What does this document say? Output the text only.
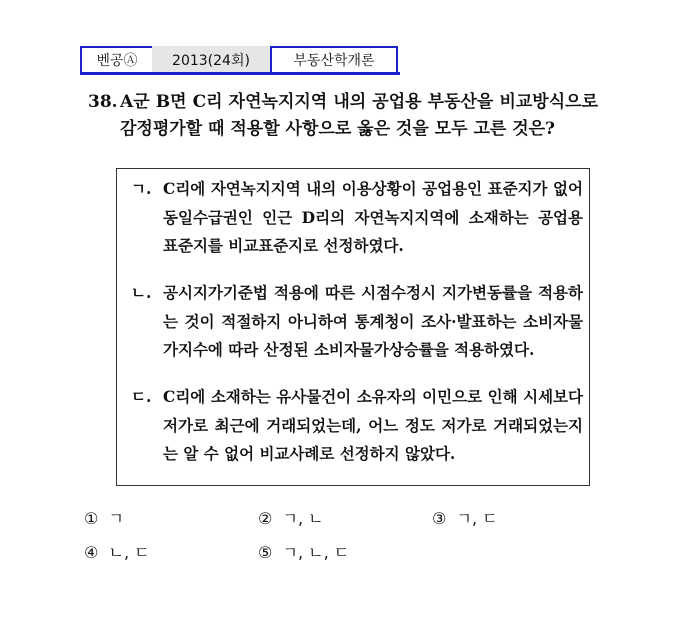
벤공Ⓐ 2013(24회)	부동산학개론
38. A군 B면 C리 자연녹지지역 내의 공업용 부동산을 비교방식으로 감정평가할 때 적용할 사항으로 옳은 것을 모두 고른 것은?
ㄱ. C리에 자연녹지지역 내의 이용상황이 공업용인 표준지가 없어 동일수급권인 인근 D리의 자연녹지지역에 소재하는 공업용 표준지를 비교표준지로 선정하였다.
ㄴ. 공시지가기준법 적용에 따른 시점수정시 지가변동률을 적용하는 것이 적절하지 아니하여 통계청이 조사·발표하는 소비자물가지수에 따라 산정된 소비자물가상승률을 적용하였다.
ㄷ. C리에 소재하는 유사물건이 소유자의 이민으로 인해 시세보다 저가로 최근에 거래되었는데, 어느 정도 저가로 거래되었는지는 알 수 없어 비교사례로 선정하지 않았다.
① ㄱ	② ㄱ, ㄴ	③ ㄱ, ㄷ
④ ㄴ, ㄷ	⑤ ㄱ, ㄴ, ㄷ
